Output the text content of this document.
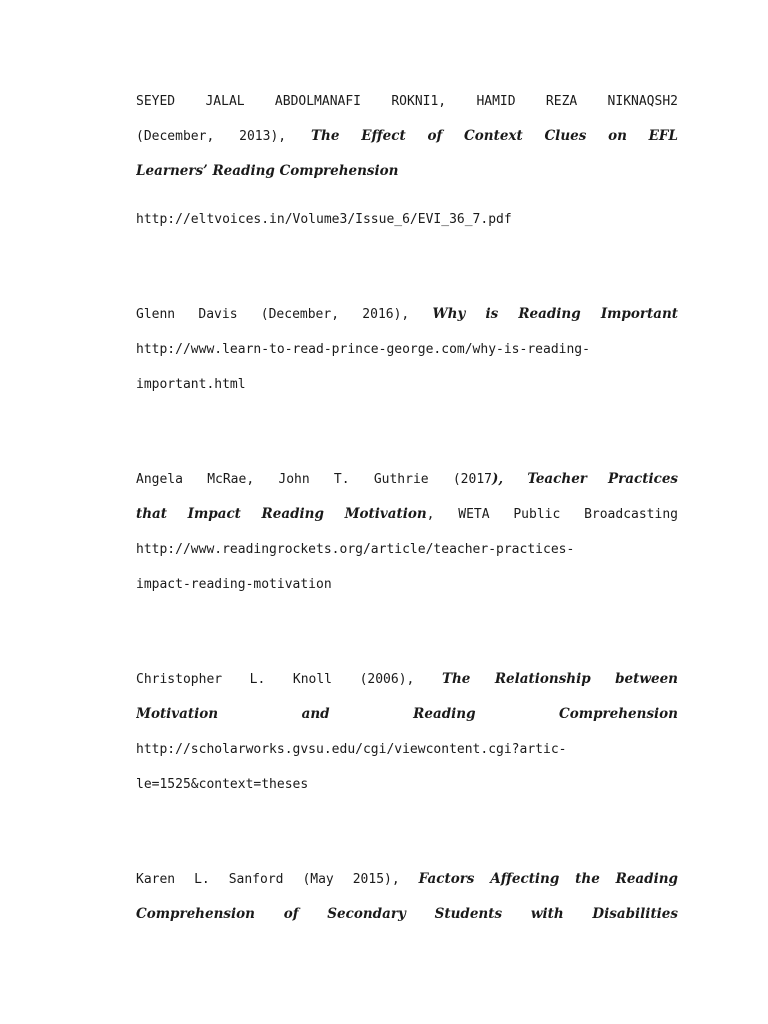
SEYED JALAL ABDOLMANAFI ROKNI1, HAMID REZA NIKNAQSH2
(December, 2013), The Effect of Context Clues on EFL
Learners’ Reading Comprehension
http://eltvoices.in/Volume3/Issue_6/EVI_36_7.pdf
Glenn Davis (December, 2016), Why is Reading Important
http://www.learn-to-read-prince-george.com/why-is-reading-
important.html
Angela McRae, John T. Guthrie (2017), Teacher Practices
that Impact Reading Motivation, WETA Public Broadcasting
http://www.readingrockets.org/article/teacher-practices-
impact-reading-motivation
Christopher L. Knoll (2006), The Relationship between
Motivation and Reading Comprehension
http://scholarworks.gvsu.edu/cgi/viewcontent.cgi?artic-
le=1525&context=theses
Karen L. Sanford (May 2015), Factors Affecting the Reading
Comprehension of Secondary Students with Disabilities
